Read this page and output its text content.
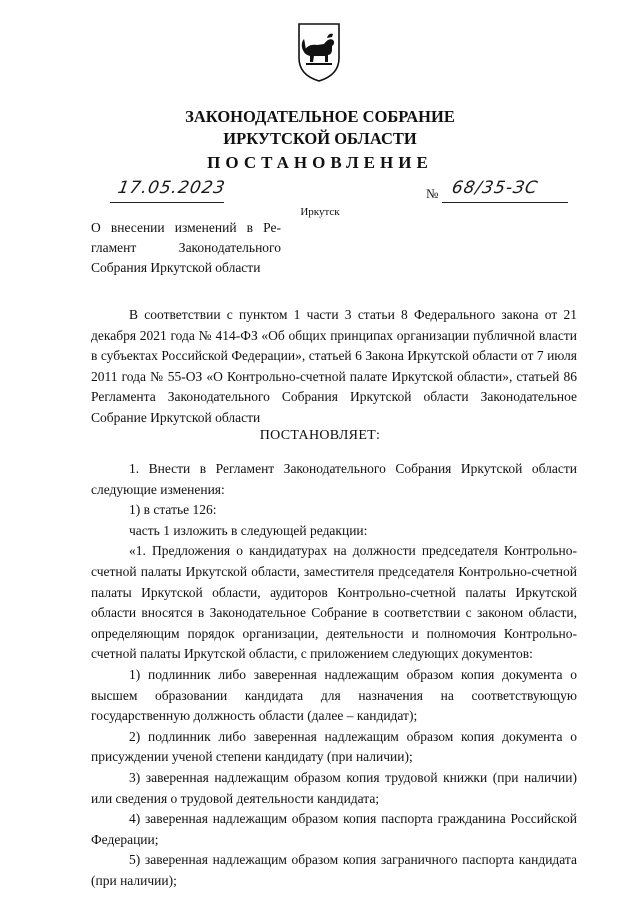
ЗАКОНОДАТЕЛЬНОЕ СОБРАНИЕ
ИРКУТСКОЙ ОБЛАСТИ
ПОСТАНОВЛЕНИЕ
17.05.2023	№ 68/35-ЗС
Иркутск
О внесении изменений в Ре-
гламент Законодательного
Собрания Иркутской области

В соответствии с пунктом 1 части 3 статьи 8 Федерального закона от 21 декабря 2021 года № 414-ФЗ «Об общих принципах организации публичной власти в субъектах Российской Федерации», статьей 6 Закона Иркутской области от 7 июля 2011 года № 55-ОЗ «О Контрольно-счетной палате Иркутской области», статьей 86 Регламента Законодательного Собрания Иркутской области Законодательное Собрание Иркутской области

ПОСТАНОВЛЯЕТ:

1. Внести в Регламент Законодательного Собрания Иркутской области следующие изменения:

1) в статье 126:

часть 1 изложить в следующей редакции:

«1. Предложения о кандидатурах на должности председателя Контрольно-счетной палаты Иркутской области, заместителя председателя Контрольно-счетной палаты Иркутской области, аудиторов Контрольно-счетной палаты Иркутской области вносятся в Законодательное Собрание в соответствии с законом области, определяющим порядок организации, деятельности и полномочия Контрольно-счетной палаты Иркутской области, с приложением следующих документов:

1) подлинник либо заверенная надлежащим образом копия документа о высшем образовании кандидата для назначения на соответствующую государственную должность области (далее – кандидат);

2) подлинник либо заверенная надлежащим образом копия документа о присуждении ученой степени кандидату (при наличии);

3) заверенная надлежащим образом копия трудовой книжки (при наличии) или сведения о трудовой деятельности кандидата;

4) заверенная надлежащим образом копия паспорта гражданина Российской Федерации;

5) заверенная надлежащим образом копия заграничного паспорта кандидата (при наличии);
